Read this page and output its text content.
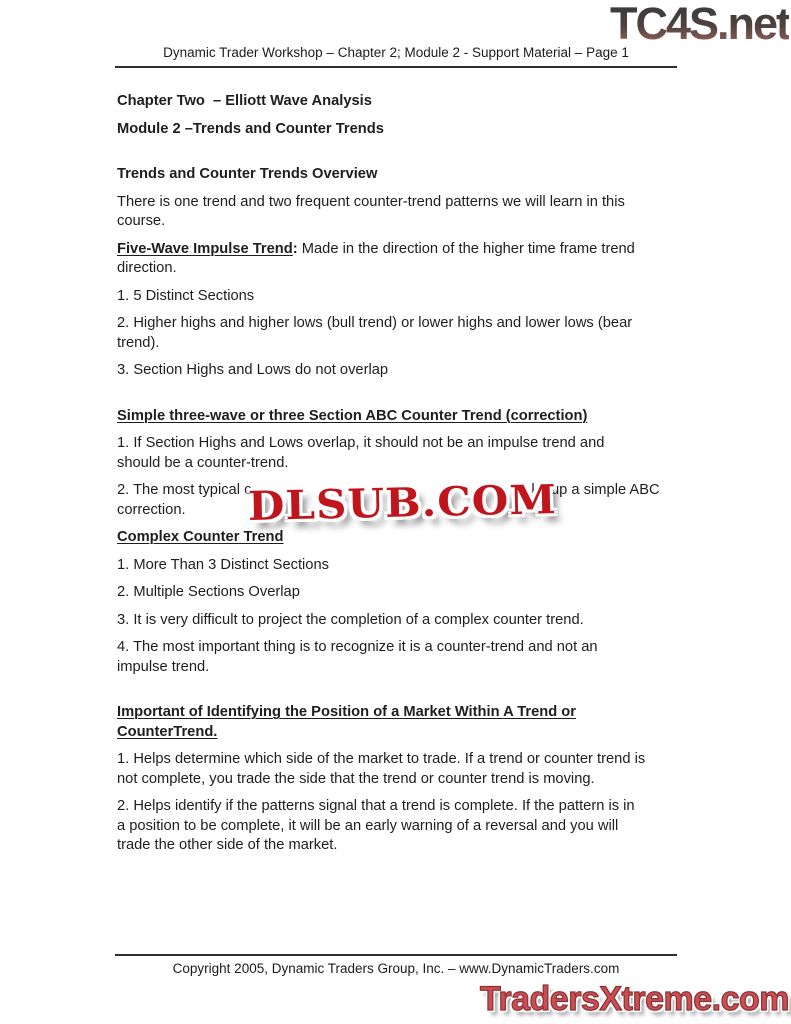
TC4S.net
Dynamic Trader Workshop – Chapter 2; Module 2 - Support Material – Page 1

Chapter Two  – Elliott Wave Analysis

Module 2 –Trends and Counter Trends

Trends and Counter Trends Overview

There is one trend and two frequent counter-trend patterns we will learn in this
course.

Five-Wave Impulse Trend: Made in the direction of the higher time frame trend
direction.

1. 5 Distinct Sections

2. Higher highs and higher lows (bull trend) or lower highs and lower lows (bear
trend).

3. Section Highs and Lows do not overlap

Simple three-wave or three Section ABC Counter Trend (correction)

1. If Section Highs and Lows overlap, it should not be an impulse trend and
should be a counter-trend.

2. The most typical c	ke up a simple ABC
correction.

Complex Counter Trend

1. More Than 3 Distinct Sections

2. Multiple Sections Overlap

3. It is very difficult to project the completion of a complex counter trend.

4. The most important thing is to recognize it is a counter-trend and not an
impulse trend.

Important of Identifying the Position of a Market Within A Trend or
CounterTrend.

1. Helps determine which side of the market to trade. If a trend or counter trend is
not complete, you trade the side that the trend or counter trend is moving.

2. Helps identify if the patterns signal that a trend is complete. If the pattern is in
a position to be complete, it will be an early warning of a reversal and you will
trade the other side of the market.

DLSUB.COM
Copyright 2005, Dynamic Traders Group, Inc. – www.DynamicTraders.com
TradersXtreme.com
